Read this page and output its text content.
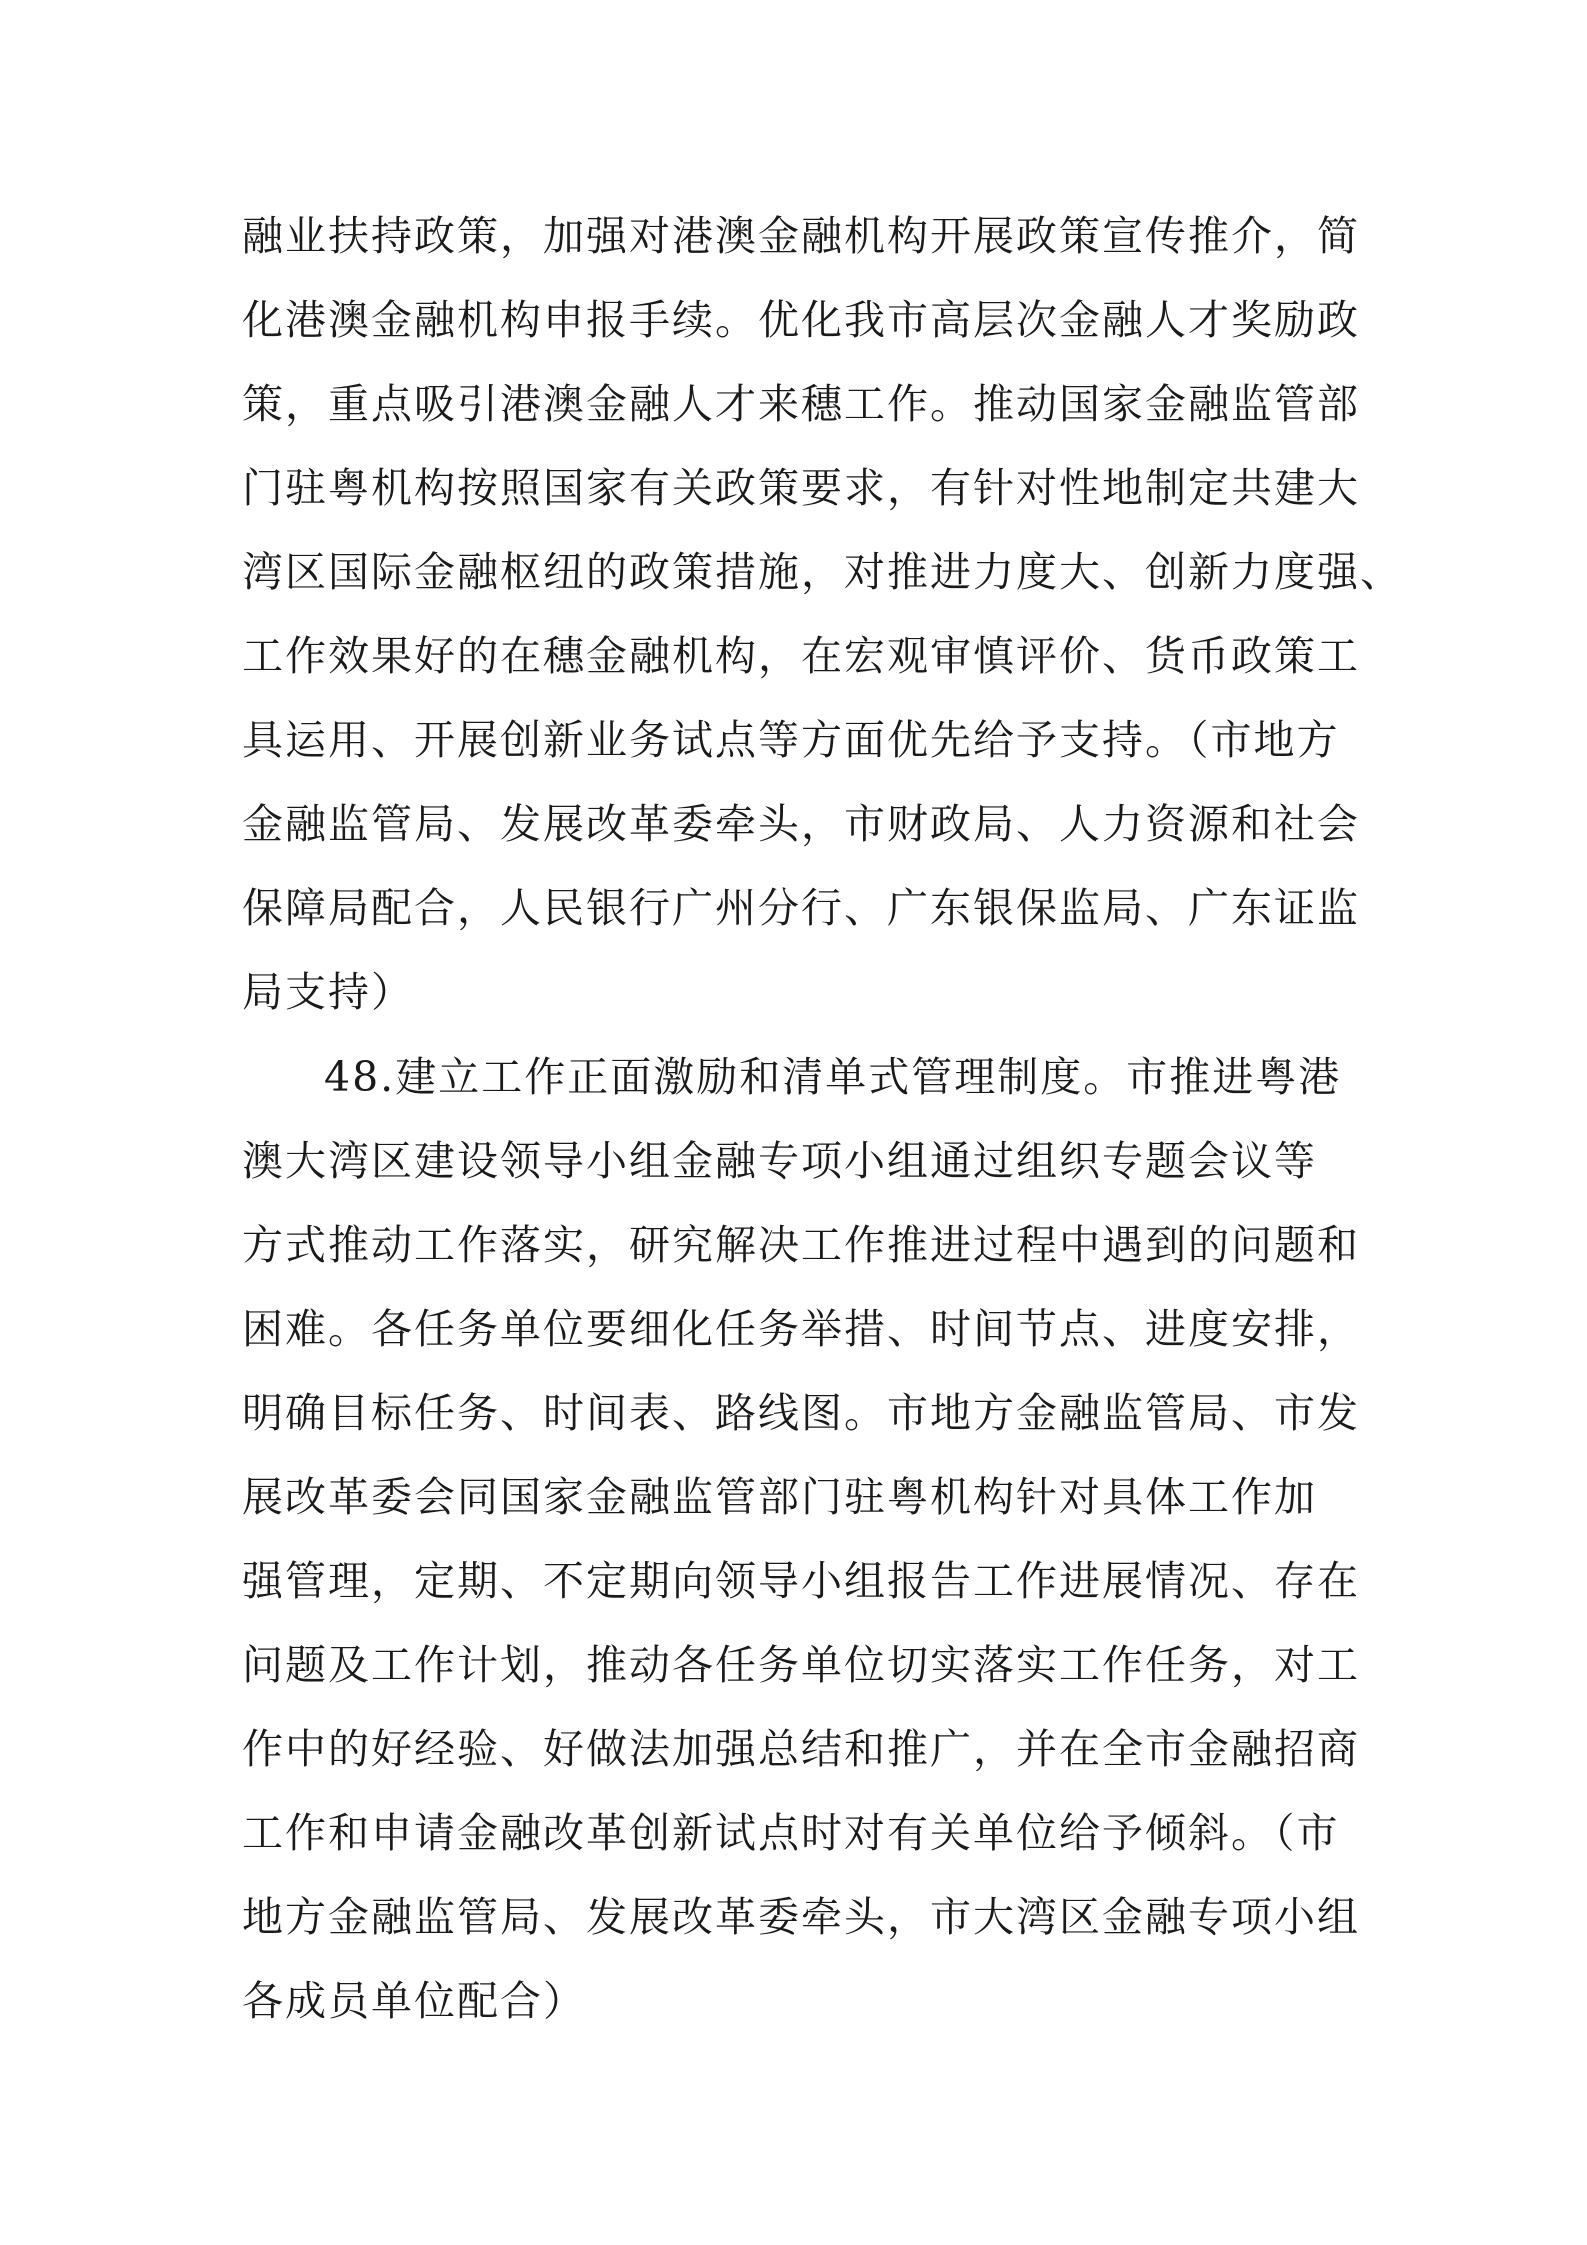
融业扶持政策，加强对港澳金融机构开展政策宣传推介，简
化港澳金融机构申报手续。优化我市高层次金融人才奖励政
策，重点吸引港澳金融人才来穗工作。推动国家金融监管部
门驻粤机构按照国家有关政策要求，有针对性地制定共建大
湾区国际金融枢纽的政策措施，对推进力度大、创新力度强、
工作效果好的在穗金融机构，在宏观审慎评价、货币政策工
具运用、开展创新业务试点等方面优先给予支持。（市地方
金融监管局、发展改革委牵头，市财政局、人力资源和社会
保障局配合，人民银行广州分行、广东银保监局、广东证监
局支持）
48.建立工作正面激励和清单式管理制度。市推进粤港
澳大湾区建设领导小组金融专项小组通过组织专题会议等
方式推动工作落实，研究解决工作推进过程中遇到的问题和
困难。各任务单位要细化任务举措、时间节点、进度安排，
明确目标任务、时间表、路线图。市地方金融监管局、市发
展改革委会同国家金融监管部门驻粤机构针对具体工作加
强管理，定期、不定期向领导小组报告工作进展情况、存在
问题及工作计划，推动各任务单位切实落实工作任务，对工
作中的好经验、好做法加强总结和推广，并在全市金融招商
工作和申请金融改革创新试点时对有关单位给予倾斜。（市
地方金融监管局、发展改革委牵头，市大湾区金融专项小组
各成员单位配合）
